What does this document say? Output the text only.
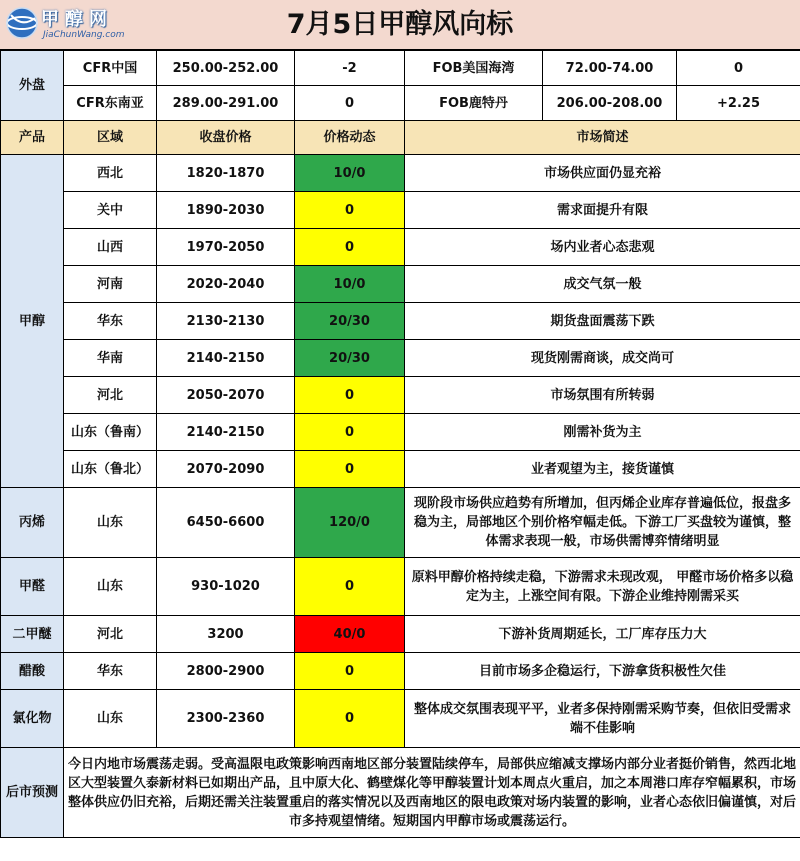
甲醇网
JiaChunWang.com	7月5日甲醇风向标
外盘	CFR中国	250.00-252.00	-2	FOB美国海湾	72.00-74.00	0
	CFR东南亚	289.00-291.00	0	FOB鹿特丹	206.00-208.00	+2.25
产品	区域	收盘价格	价格动态	市场简述		
甲醇	西北	1820-1870	10/0	市场供应面仍显充裕		
	关中	1890-2030	0	需求面提升有限		
	山西	1970-2050	0	场内业者心态悲观		
	河南	2020-2040	10/0	成交气氛一般		
	华东	2130-2130	20/30	期货盘面震荡下跌		
	华南	2140-2150	20/30	现货刚需商谈，成交尚可		
	河北	2050-2070	0	市场氛围有所转弱		
	山东（鲁南）	2140-2150	0	刚需补货为主		
	山东（鲁北）	2070-2090	0	业者观望为主，接货谨慎		
丙烯	山东	6450-6600	120/0	现阶段市场供应趋势有所增加，但丙烯企业库存普遍低位，报盘多稳为主，局部地区个别价格窄幅走低。下游工厂买盘较为谨慎，整体需求表现一般，市场供需博弈情绪明显		
甲醛	山东	930-1020	0	原料甲醇价格持续走稳，下游需求未现改观， 甲醛市场价格多以稳定为主，上涨空间有限。下游企业维持刚需采买		
二甲醚	河北	3200	40/0	下游补货周期延长，工厂库存压力大		
醋酸	华东	2800-2900	0	目前市场多企稳运行，下游拿货积极性欠佳		
氯化物	山东	2300-2360	0	整体成交氛围表现平平，业者多保持刚需采购节奏，但依旧受需求端不佳影响		
后市预测	今日内地市场震荡走弱。受高温限电政策影响西南地区部分装置陆续停车，局部供应缩减支撑场内部分业者挺价销售，然西北地区大型装置久泰新材料已如期出产品，且中原大化、鹤壁煤化等甲醇装置计划本周点火重启，加之本周港口库存窄幅累积，市场整体供应仍旧充裕，后期还需关注装置重启的落实情况以及西南地区的限电政策对场内装置的影响，业者心态依旧偏谨慎，对后市多持观望情绪。短期国内甲醇市场或震荡运行。					
